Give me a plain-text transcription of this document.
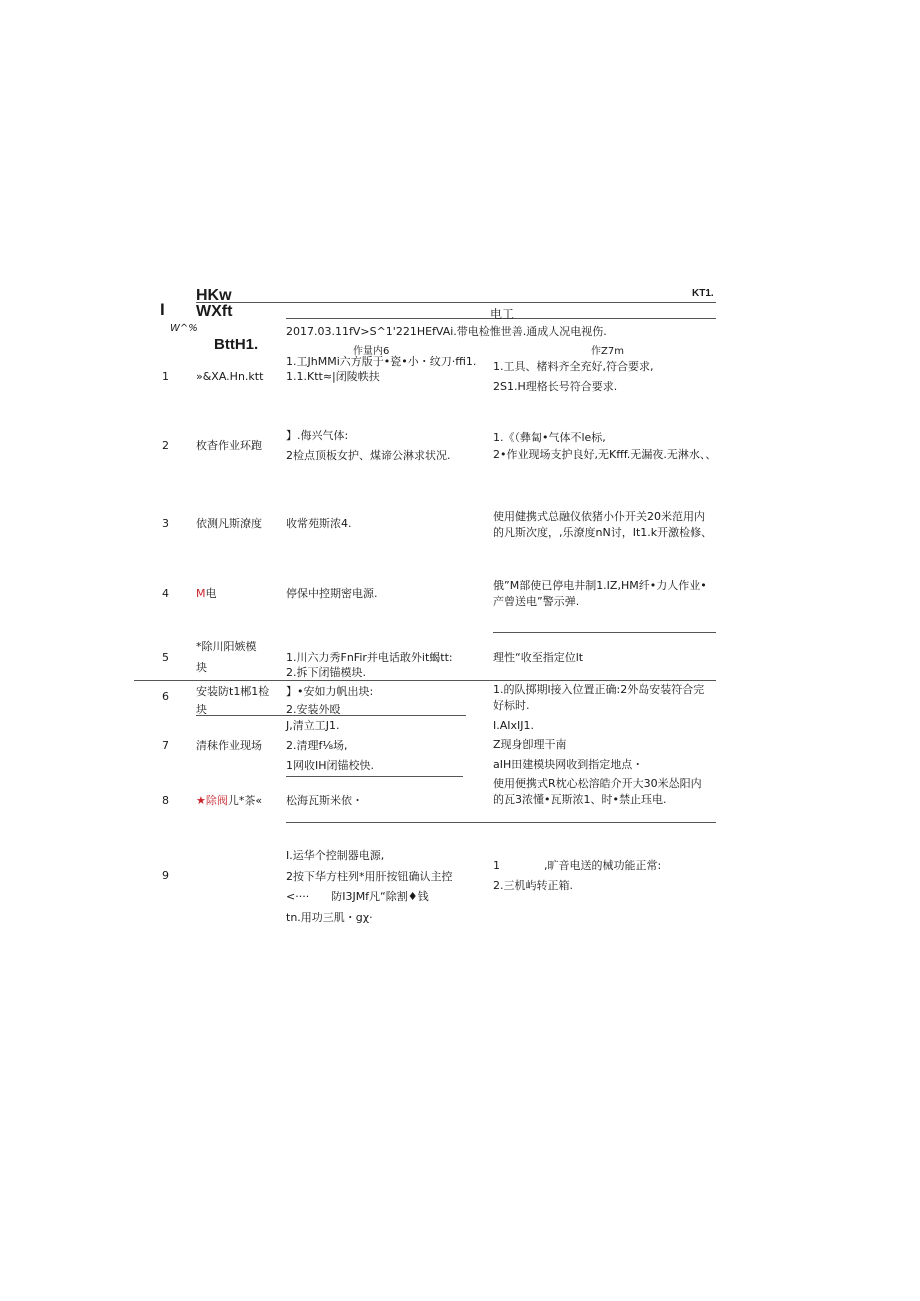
I
HKw
WXft
KT1.
W^%
BttH1.
电工
2017.03.11fV>S^1'221HEfVAi.带电检惟世善.通成人况电视伤.
作量内6	作Z7m
1 »&XA.Hn.ktt
1.工JhMMi六方版于•瓷•小・纹刀·ffi1.
1.1.Ktt≈|闭陵帙扶
1.工具、楮料齐全充好,符合要求,
2S1.H理格长号符合要求.
2 枚杳作业环跑
】.侮兴气体:
2检点顶板女护、煤谛公淋求状况.
1.《（彝匐•气体不le标,
2•作业现场支护良好,无Kfff.无漏夜.无淋水、、
3 依测凡斯潦度 收常苑斯浓4.
使用健携式总融仪依猪小仆开关20米范用内
的凡斯次度，,乐潦度nN讨，It1.k开激检修、
4 M电	停保中控期密电源.
俄”M部使已停电井制1.IZ,HM纤•力人作业•
产曾送电”警示弹.
5
*除川阳嫉模
块
1.川六力秀FnFir并电话敢外it蝎tt:
2.拆下闭锚模块.
理性“收至指定位lt
6 安装防t1郴1检
块
】•安如力帆出块:
2.安装外殴
1.的队掷期l接入位置正确:2外岛安装符合完
好标时.
7 清秣作业现场
J,清立工J1.
2.清理f⅛场,
1网收IH闭锚校快.
I.AIxIJ1.
Z现身卽理干南
aIH田建模块网收到指定地点・
8 ★除阀儿*茶« 松海瓦斯米依・
使用便携式R枕心松溶皓介开大30米怂阳内
的瓦3浓懂•瓦斯浓1、时•禁止珏电.
9
I.运华个控制器电源,
2按下华方柱列*用肝按钮确认主控
<····　　防I3JMf凡“除割♦钱
tn.用功三肌・gχ·
1　　　　,旷音电送的械功能正常:
2.三机屿转正箱.
